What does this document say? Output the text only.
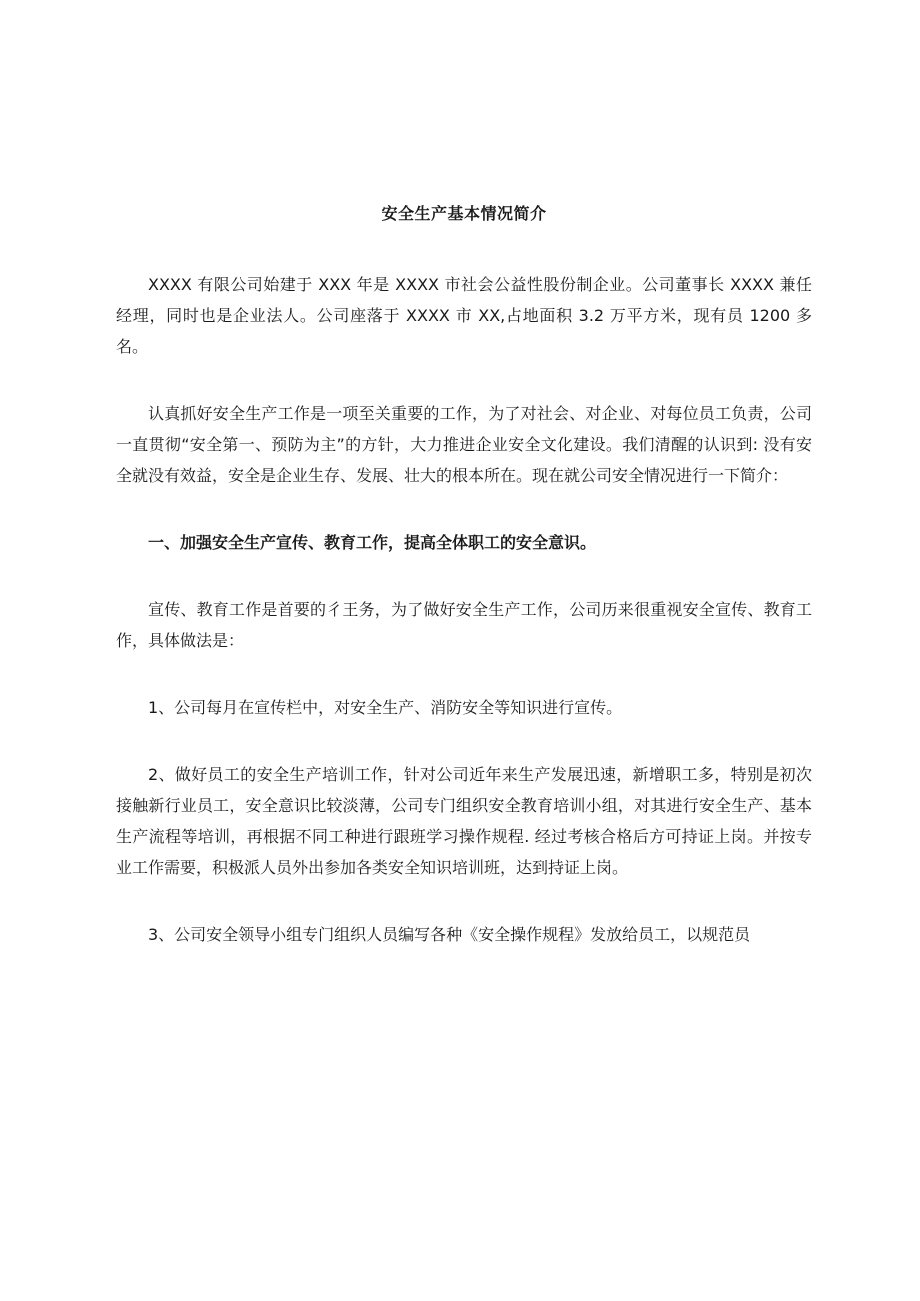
安全生产基本情况简介

XXXX 有限公司始建于 XXX 年是 XXXX 市社会公益性股份制企业。公司董事长 XXXX 兼任经理，同时也是企业法人。公司座落于 XXXX 市 XX,占地面积 3.2 万平方米，现有员 1200 多名。

认真抓好安全生产工作是一项至关重要的工作，为了对社会、对企业、对每位员工负责，公司一直贯彻“安全第一、预防为主”的方针，大力推进企业安全文化建设。我们清醒的认识到: 没有安全就没有效益，安全是企业生存、发展、壮大的根本所在。现在就公司安全情况进行一下简介：

一、加强安全生产宣传、教育工作，提高全体职工的安全意识。

宣传、教育工作是首要的彳王务，为了做好安全生产工作，公司历来很重视安全宣传、教育工作，具体做法是：

1、公司每月在宣传栏中，对安全生产、消防安全等知识进行宣传。

2、做好员工的安全生产培训工作，针对公司近年来生产发展迅速，新增职工多，特别是初次接触新行业员工，安全意识比较淡薄，公司专门组织安全教育培训小组，对其进行安全生产、基本生产流程等培训，再根据不同工种进行跟班学习操作规程. 经过考核合格后方可持证上岗。并按专业工作需要，积极派人员外出参加各类安全知识培训班，达到持证上岗。

3、公司安全领导小组专门组织人员编写各种《安全操作规程》发放给员工，以规范员
